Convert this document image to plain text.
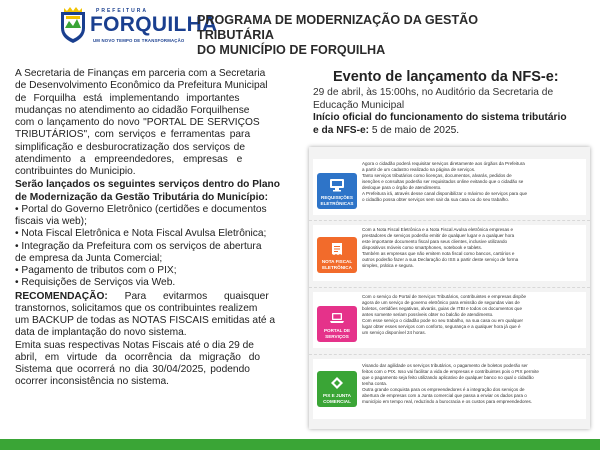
PREFEITURA
FORQUILHA
UM NOVO TEMPO DE TRANSFORMAÇÃO
PROGRAMA DE MODERNIZAÇÃO DA GESTÃO TRIBUTÁRIA
DO MUNICÍPIO DE FORQUILHA
A Secretaria de Finanças em parceria com a Secretaria
de Desenvolvimento Econômico da Prefeitura Municipal
de Forquilha está implementando importantes
mudanças no atendimento ao cidadão Forquilhense
com o lançamento do novo "PORTAL DE SERVIÇOS
TRIBUTÁRIOS", com serviços e ferramentas para
simplificação e desburocratização dos serviços de
atendimento a empreendedores, empresas e
contribuintes do Municipio.
Serão lançados os seguintes serviços dentro do Plano
de Modernização da Gestão Tributária do Município:
• Portal do Governo Eletrônico (certidões e documentos
fiscais via web);
• Nota Fiscal Eletrônica e Nota Fiscal Avulsa Eletrônica;
• Integração da Prefeitura com os serviços de abertura
de empresa da Junta Comercial;
• Pagamento de tributos com o PIX;
• Requisições de Serviços via Web.
RECOMENDAÇÃO: Para evitarmos quaisquer
transtornos, solicitamos que os contribuintes realizem
um BACKUP de todas as NOTAS FISCAIS emitidas até a
data de implantação do novo sistema.
Emita suas respectivas Notas Fiscais até o dia 29 de
abril, em virtude da ocorrência da migração do
Sistema que ocorrerá no dia 30/04/2025, podendo
ocorrer inconsistência no sistema.
Evento de lançamento da NFS-e:
29 de abril, às 15:00hs, no Auditório da Secretaria de
Educação Municipal
Início oficial do funcionamento do sistema tributário
e da NFS-e: 5 de maio de 2025.
REQUISIÇÕES ELETRÔNICAS
Agora o cidadão poderá requisitar serviços diretamente aos órgãos da Prefeitura
a partir de um cadastro realizado na página de serviços.
Tanto serviços tributários como licenças, documentos, alvarás, pedidos de
isenções e consultas poderão ser requisitados online evitando que o cidadão se
desloque para o órgão de atendimento.
A Prefeitura irá, através desse canal disponibilizar o máximo de serviços para que
o cidadão possa obter serviços sem sair da sua casa ou do seu trabalho.
NOTA FISCAL ELETRÔNICA
Com a Nota Fiscal Eletrônica e a Nota Fiscal Avulsa eletrônica empresas e
prestadores de serviços poderão emitir de qualquer lugar e a qualquer hora
este importante documento fiscal para seus clientes, inclusive utilizando
dispositivos móveis como smartphones, notebook e tablets.
Também as empresas que não emitem nota fiscal como bancos, cartórios e
outros poderão fazer a sua Declaração do ISS a partir deste serviço de forma
simples, prática e segura.
PORTAL DE SERVIÇOS
Com o serviço do Portal de Serviços Tributários, contribuintes e empresas dispõe
agora de um serviço de governo eletrônico para emissão de segundas vias de
boletos, certidões negativas, alvarás, guias de ITBI e todos os documentos que
antes somente seriam possíveis obter no balcão de atendimento.
Com esse serviço o cidadão pode no seu trabalho, na sua casa ou em qualquer
lugar obter esses serviços com conforto, segurança e a qualquer hora já que é
um serviço disponível 24 horas.
PIX E JUNTA COMERCIAL
Visando dar agilidade os serviços tributários, o pagamento de boletos poderão ser
feitos com o PIX. Isso vai facilitar a vida de empresas e contribuintes pois o PIX permite
que o pagamento seja feito utilizando aplicativo de qualquer banco no qual o cidadão
tenha conta.
Outra grande conquista para os empreendedores é a integração dos serviços de
abertura de empresas com a Junta comercial que passa a enviar os dados para o
município em tempo real, reduzindo a burocracia e os custos para empreendedores.
